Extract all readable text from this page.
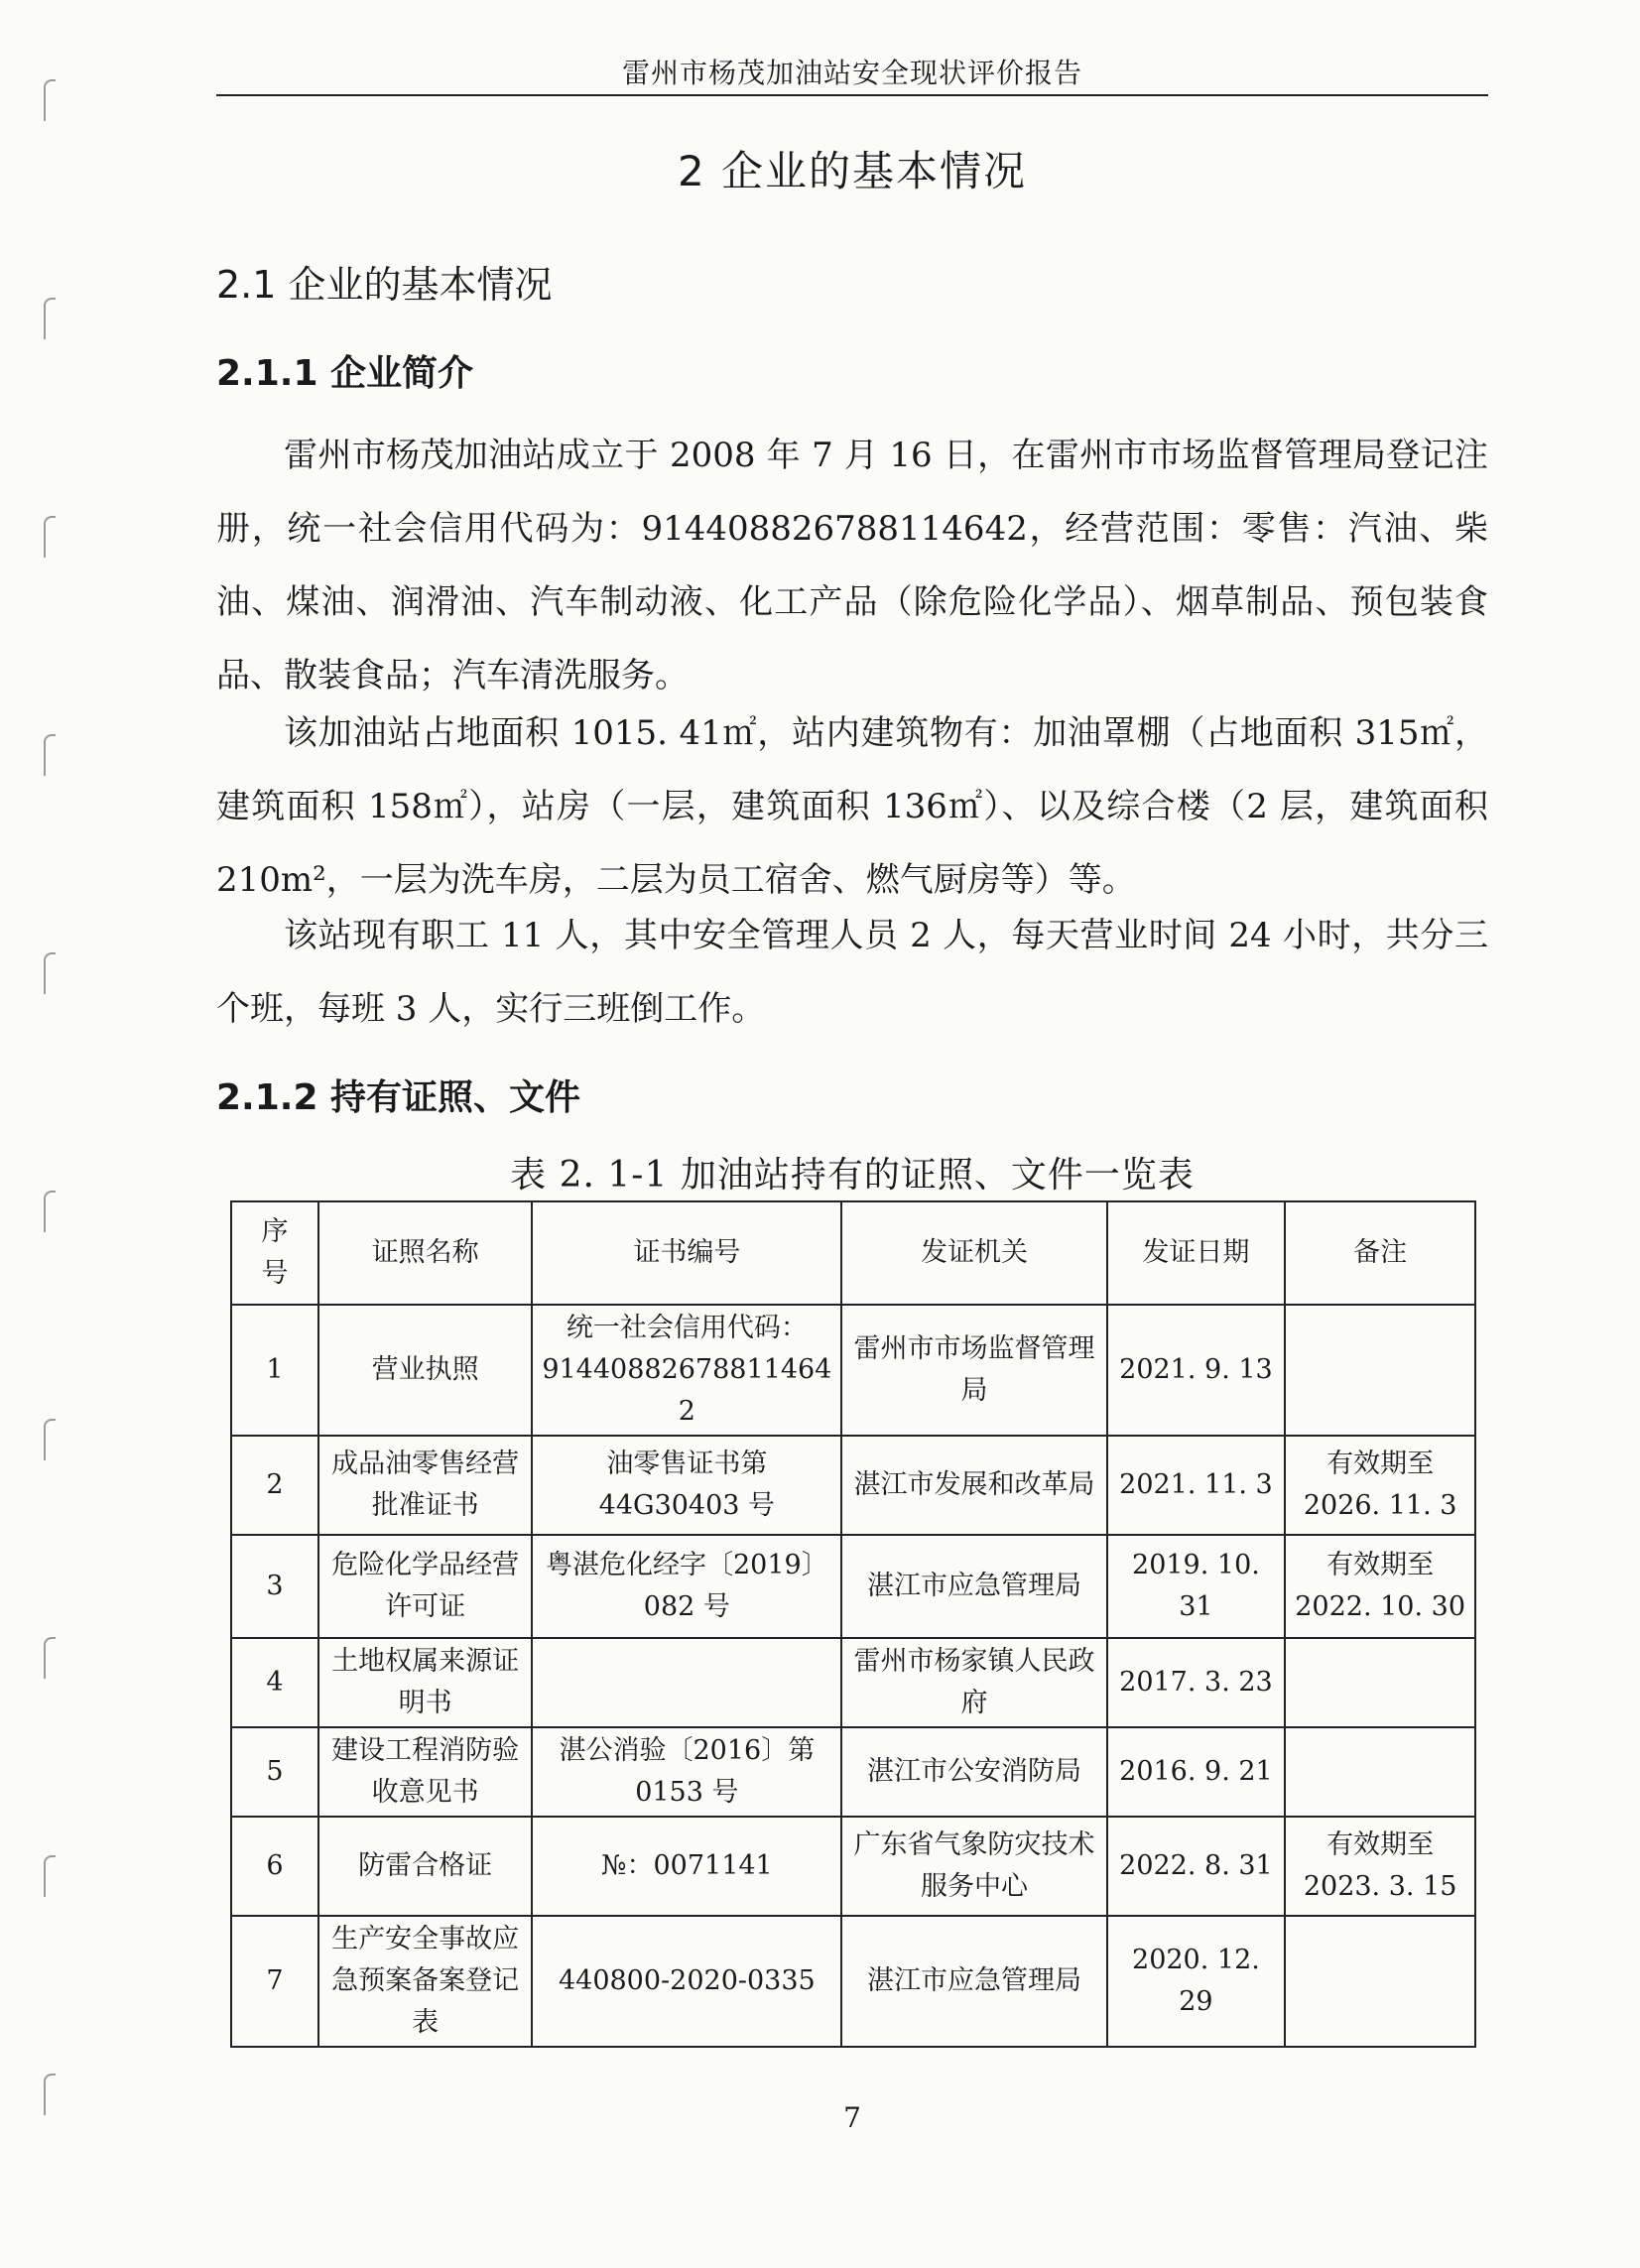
雷州市杨茂加油站安全现状评价报告
2 企业的基本情况
2.1 企业的基本情况
2.1.1 企业简介

雷州市杨茂加油站成立于 2008 年 7 月 16 日，在雷州市市场监督管理局登记注册，统一社会信用代码为：91440882678811464​2，经营范围：零售：汽油、柴油、煤油、润滑油、汽车制动液、化工产品（除危险化学品）、烟草制品、预包装食品、散装食品；汽车清洗服务。

该加油站占地面积 1015. 41㎡，站内建筑物有：加油罩棚（占地面积 315㎡，建筑面积 158㎡），站房（一层，建筑面积 136㎡）、以及综合楼（2 层，建筑面积 210m²，一层为洗车房，二层为员工宿舍、燃气厨房等）等。

该站现有职工 11 人，其中安全管理人员 2 人，每天营业时间 24 小时，共分三个班，每班 3 人，实行三班倒工作。

2.1.2 持有证照、文件
表 2. 1-1 加油站持有的证照、文件一览表
序号	证照名称	证书编号	发证机关	发证日期	备注
1	营业执照	统一社会信用代码：91440882678811464​2	雷州市市场监督管理局	2021. 9. 13	
2	成品油零售经营批准证书	油零售证书第44G30403 号	湛江市发展和改革局	2021. 11. 3	有效期至2026. 11. 3
3	危险化学品经营许可证	粤湛危化经字〔2019〕082 号	湛江市应急管理局	2019. 10. 31	有效期至2022. 10. 30
4	土地权属来源证明书		雷州市杨家镇人民政府	2017. 3. 23	
5	建设工程消防验收意见书	湛公消验〔2016〕第0153 号	湛江市公安消防局	2016. 9. 21	
6	防雷合格证	№：0071141	广东省气象防灾技术服务中心	2022. 8. 31	有效期至2023. 3. 15
7	生产安全事故应急预案备案登记表	440800-2020-0335	湛江市应急管理局	2020. 12. 29	
7
